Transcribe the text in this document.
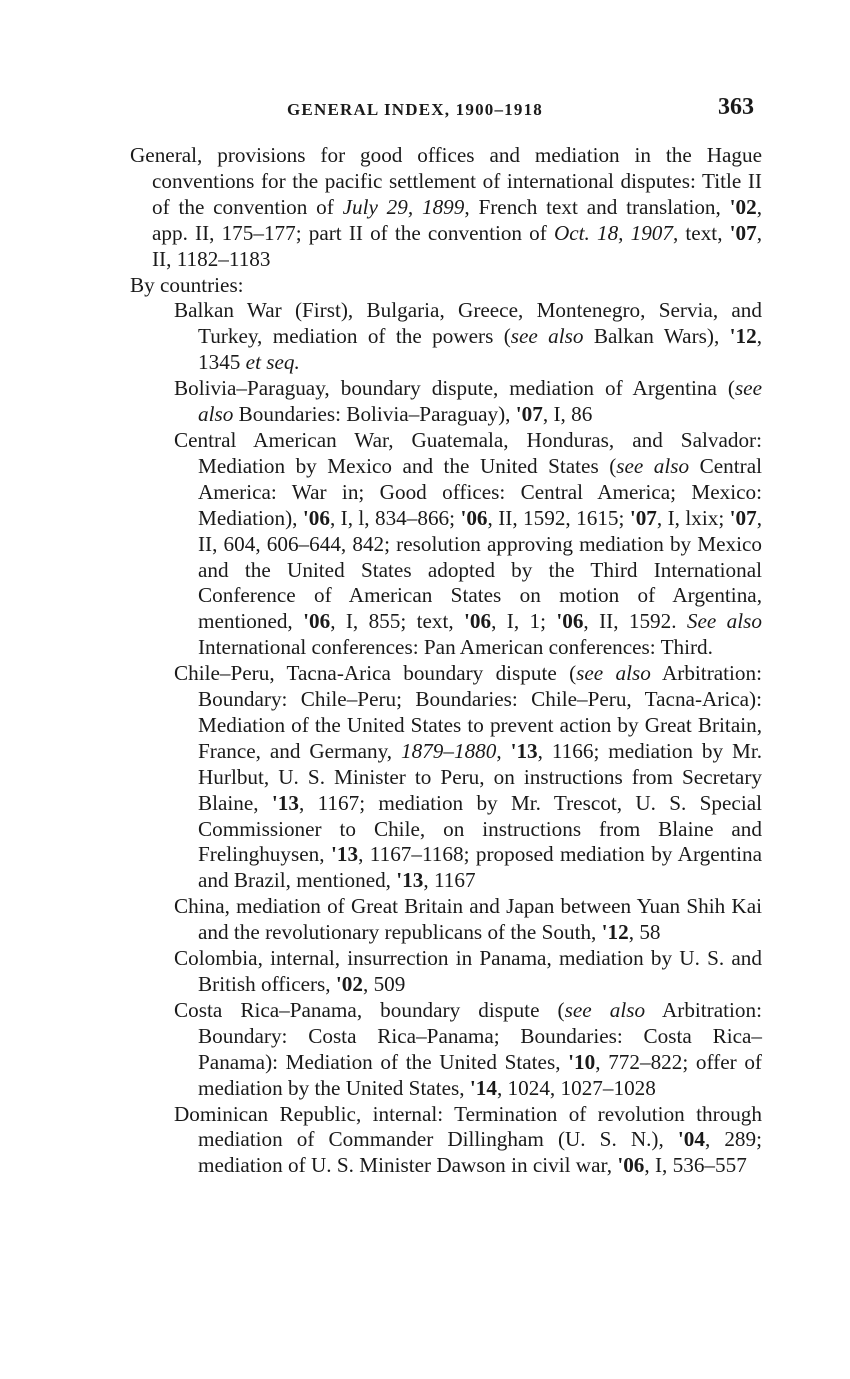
GENERAL INDEX, 1900–1918	363

General, provisions for good offices and mediation in the Hague conventions for the pacific settlement of international disputes: Title II of the convention of July 29, 1899, French text and translation, '02, app. II, 175–177; part II of the convention of Oct. 18, 1907, text, '07, II, 1182–1183

By countries:

Balkan War (First), Bulgaria, Greece, Montenegro, Servia, and Turkey, mediation of the powers (see also Balkan Wars), '12, 1345 et seq.

Bolivia–Paraguay, boundary dispute, mediation of Argentina (see also Boundaries: Bolivia–Paraguay), '07, I, 86

Central American War, Guatemala, Honduras, and Salvador: Mediation by Mexico and the United States (see also Central America: War in; Good offices: Central America; Mexico: Mediation), '06, I, l, 834–866; '06, II, 1592, 1615; '07, I, lxix; '07, II, 604, 606–644, 842; resolution approving mediation by Mexico and the United States adopted by the Third International Conference of American States on motion of Argentina, mentioned, '06, I, 855; text, '06, I, 1; '06, II, 1592. See also International conferences: Pan American conferences: Third.

Chile–Peru, Tacna-Arica boundary dispute (see also Arbitration: Boundary: Chile–Peru; Boundaries: Chile–Peru, Tacna-Arica): Mediation of the United States to prevent action by Great Britain, France, and Germany, 1879–1880, '13, 1166; mediation by Mr. Hurlbut, U. S. Minister to Peru, on instructions from Secretary Blaine, '13, 1167; mediation by Mr. Trescot, U. S. Special Commissioner to Chile, on instructions from Blaine and Frelinghuysen, '13, 1167–1168; proposed mediation by Argentina and Brazil, mentioned, '13, 1167

China, mediation of Great Britain and Japan between Yuan Shih Kai and the revolutionary republicans of the South, '12, 58

Colombia, internal, insurrection in Panama, mediation by U. S. and British officers, '02, 509

Costa Rica–Panama, boundary dispute (see also Arbitration: Boundary: Costa Rica–Panama; Boundaries: Costa Rica–Panama): Mediation of the United States, '10, 772–822; offer of mediation by the United States, '14, 1024, 1027–1028

Dominican Republic, internal: Termination of revolution through mediation of Commander Dillingham (U. S. N.), '04, 289; mediation of U. S. Minister Dawson in civil war, '06, I, 536–557
